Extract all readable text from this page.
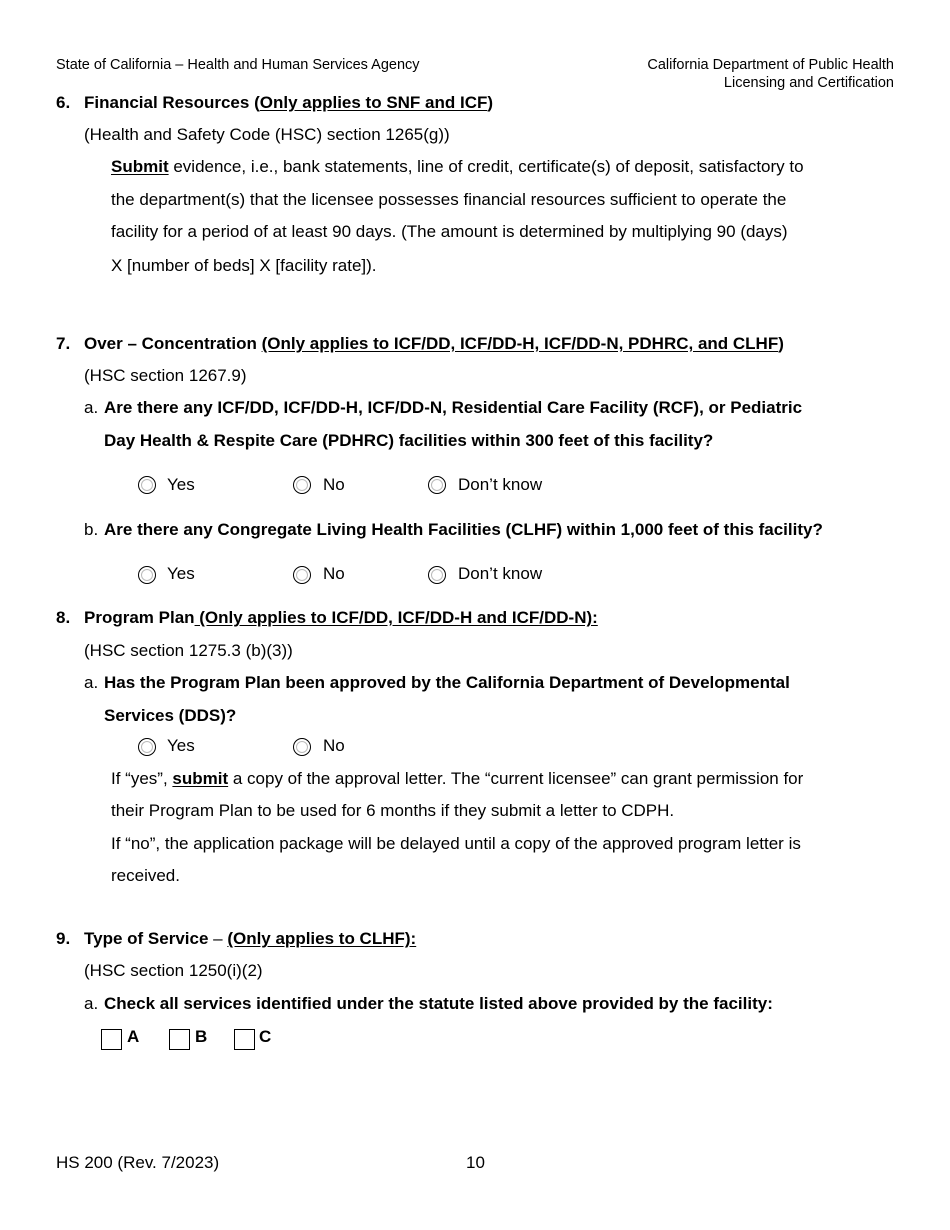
State of California – Health and Human Services Agency	California Department of Public Health
Licensing and Certification
6. Financial Resources (Only applies to SNF and ICF)
(Health and Safety Code (HSC) section 1265(g))
Submit evidence, i.e., bank statements, line of credit, certificate(s) of deposit, satisfactory to
the department(s) that the licensee possesses financial resources sufficient to operate the
facility for a period of at least 90 days. (The amount is determined by multiplying 90 (days)
X [number of beds] X [facility rate]).
7. Over – Concentration (Only applies to ICF/DD, ICF/DD-H, ICF/DD-N, PDHRC, and CLHF)
(HSC section 1267.9)
a. Are there any ICF/DD, ICF/DD-H, ICF/DD-N, Residential Care Facility (RCF), or Pediatric
Day Health & Respite Care (PDHRC) facilities within 300 feet of this facility?
Yes	No	Don’t know
b. Are there any Congregate Living Health Facilities (CLHF) within 1,000 feet of this facility?
Yes	No	Don’t know
8. Program Plan (Only applies to ICF/DD, ICF/DD-H and ICF/DD-N):
(HSC section 1275.3 (b)(3))
a. Has the Program Plan been approved by the California Department of Developmental
Services (DDS)?
Yes	No
If “yes”, submit a copy of the approval letter. The “current licensee” can grant permission for
their Program Plan to be used for 6 months if they submit a letter to CDPH.
If “no”, the application package will be delayed until a copy of the approved program letter is
received.
9. Type of Service – (Only applies to CLHF):
(HSC section 1250(i)(2)
a. Check all services identified under the statute listed above provided by the facility:
A	B	C
HS 200 (Rev. 7/2023)	10
